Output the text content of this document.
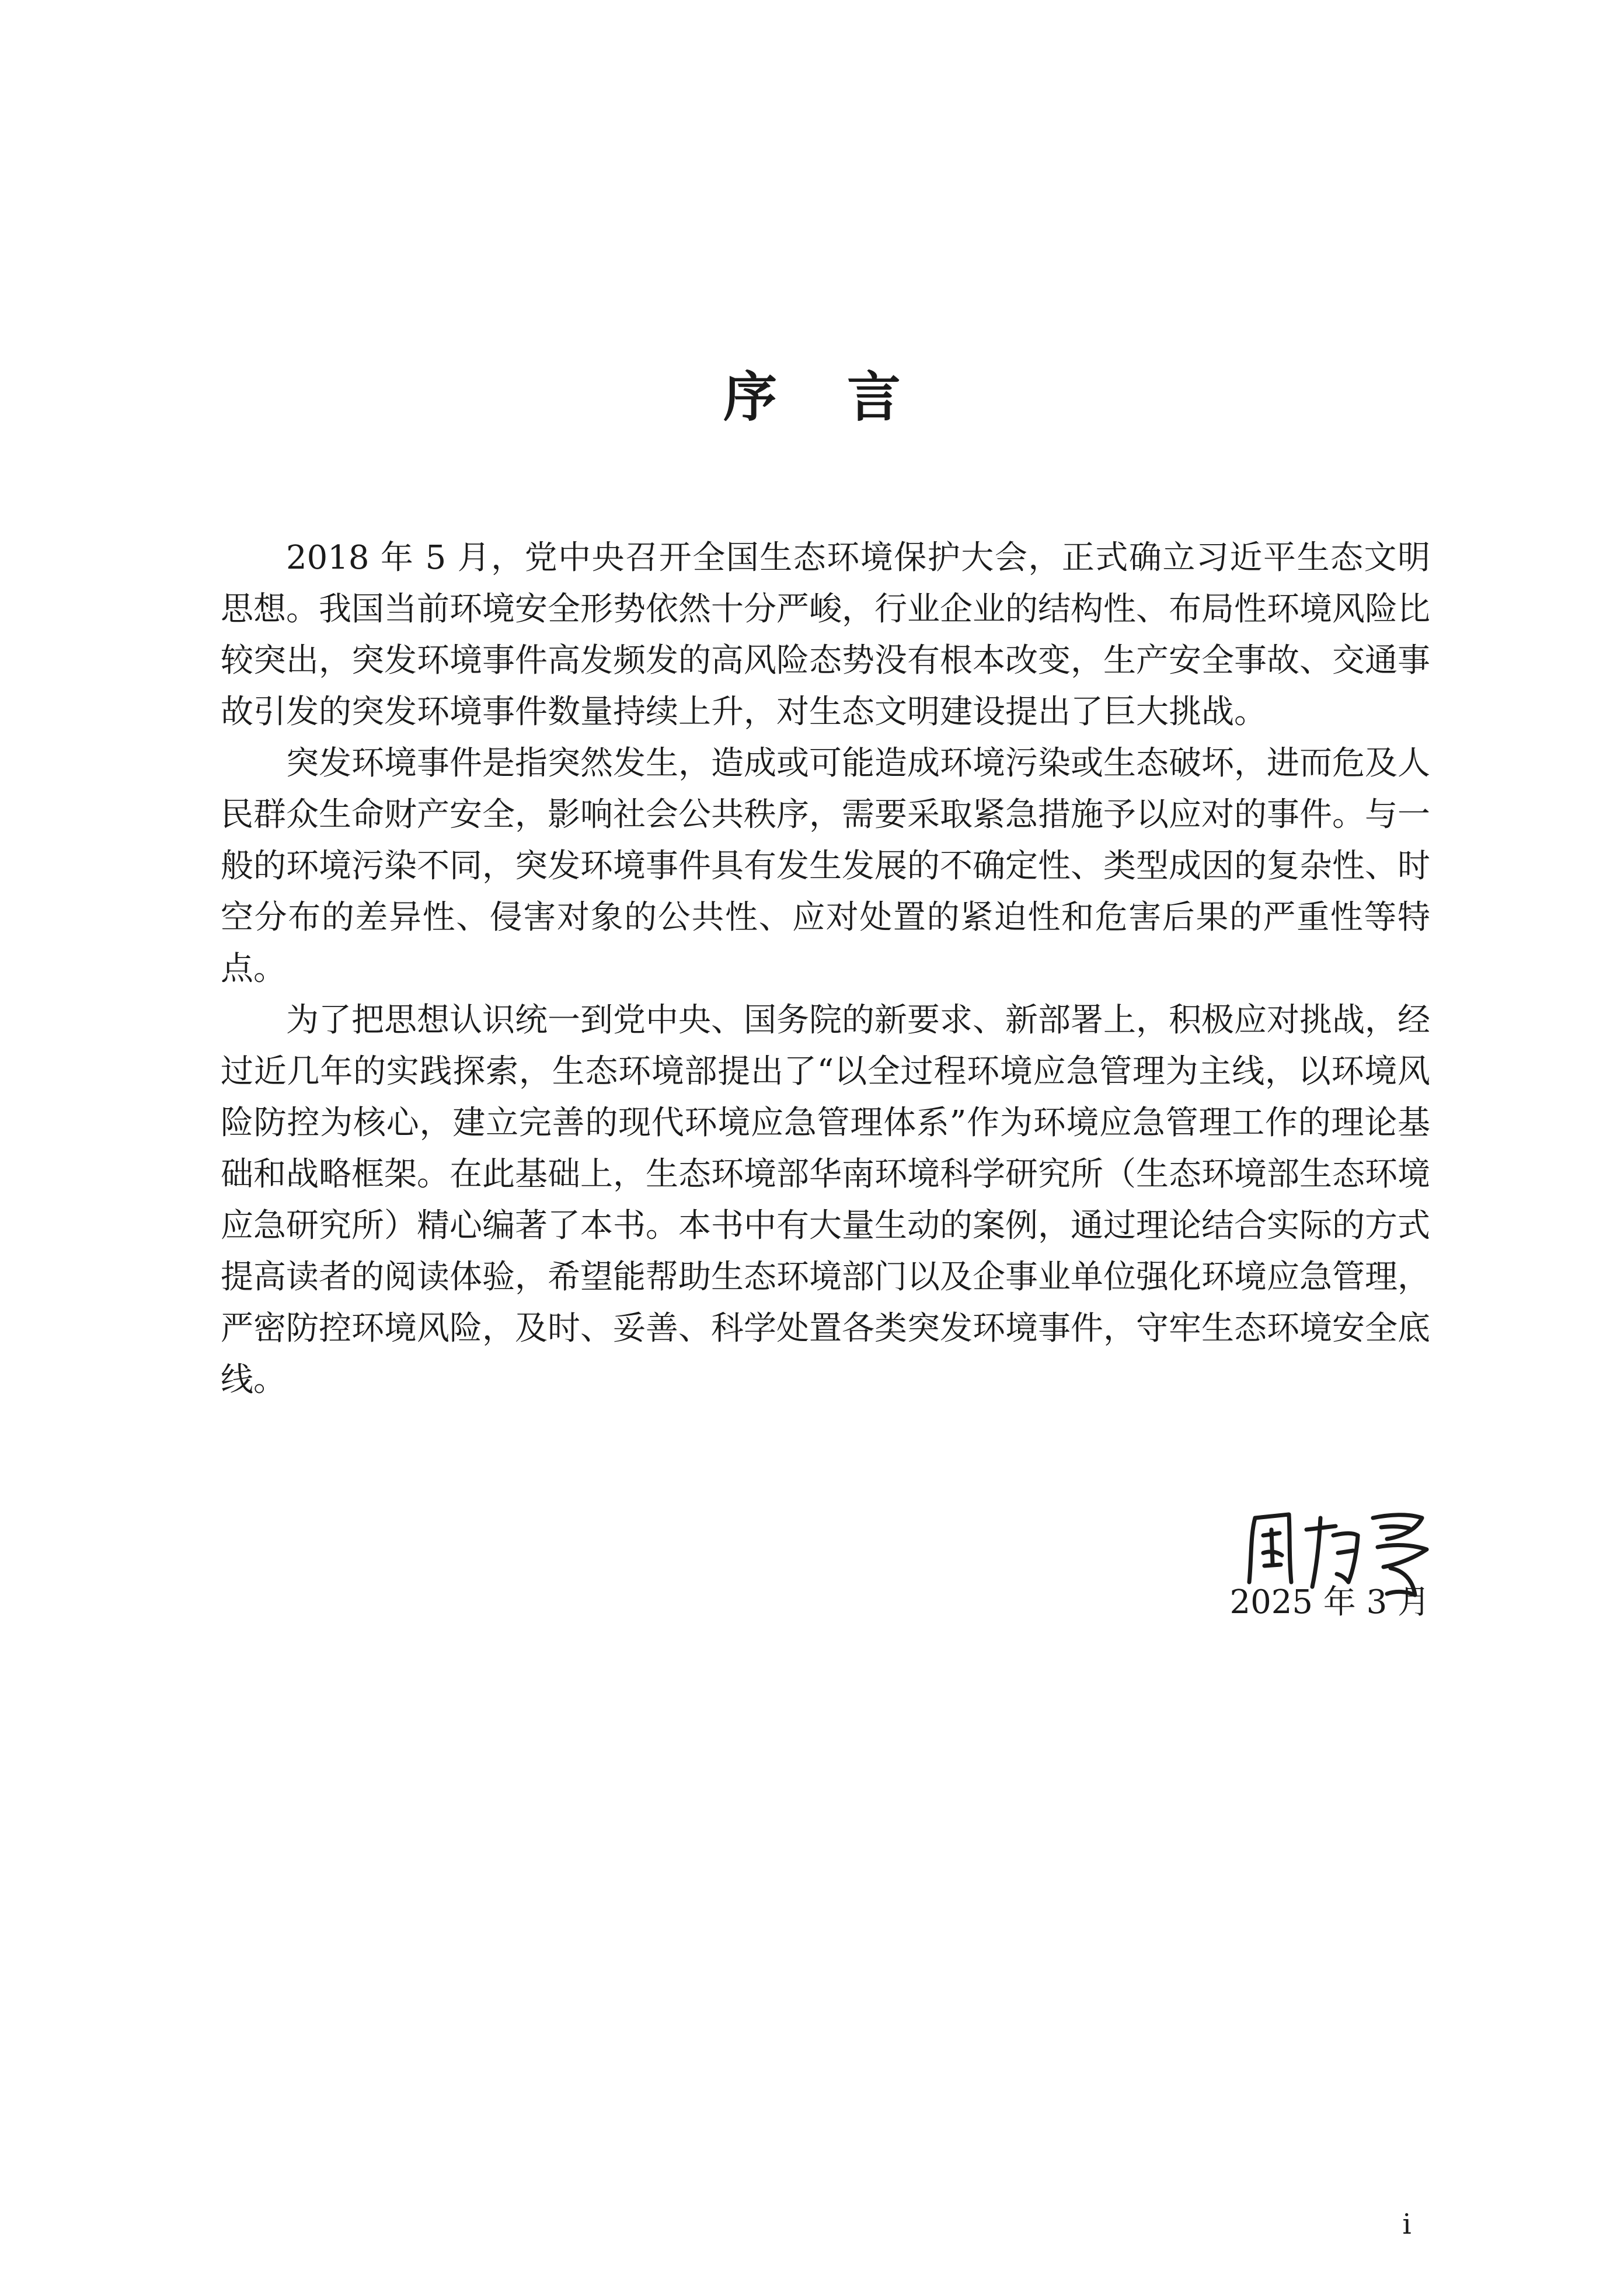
序言

2018 年 5 月，党中央召开全国生态环境保护大会，正式确立习近平生态文明思想。我国当前环境安全形势依然十分严峻，行业企业的结构性、布局性环境风险比较突出，突发环境事件高发频发的高风险态势没有根本改变，生产安全事故、交通事故引发的突发环境事件数量持续上升，对生态文明建设提出了巨大挑战。

突发环境事件是指突然发生，造成或可能造成环境污染或生态破坏，进而危及人民群众生命财产安全，影响社会公共秩序，需要采取紧急措施予以应对的事件。与一般的环境污染不同，突发环境事件具有发生发展的不确定性、类型成因的复杂性、时空分布的差异性、侵害对象的公共性、应对处置的紧迫性和危害后果的严重性等特点。

为了把思想认识统一到党中央、国务院的新要求、新部署上，积极应对挑战，经过近几年的实践探索，生态环境部提出了“以全过程环境应急管理为主线，以环境风险防控为核心，建立完善的现代环境应急管理体系”作为环境应急管理工作的理论基础和战略框架。在此基础上，生态环境部华南环境科学研究所（生态环境部生态环境应急研究所）精心编著了本书。本书中有大量生动的案例，通过理论结合实际的方式提高读者的阅读体验，希望能帮助生态环境部门以及企事业单位强化环境应急管理，严密防控环境风险，及时、妥善、科学处置各类突发环境事件，守牢生态环境安全底线。

2025 年 3 月

i
